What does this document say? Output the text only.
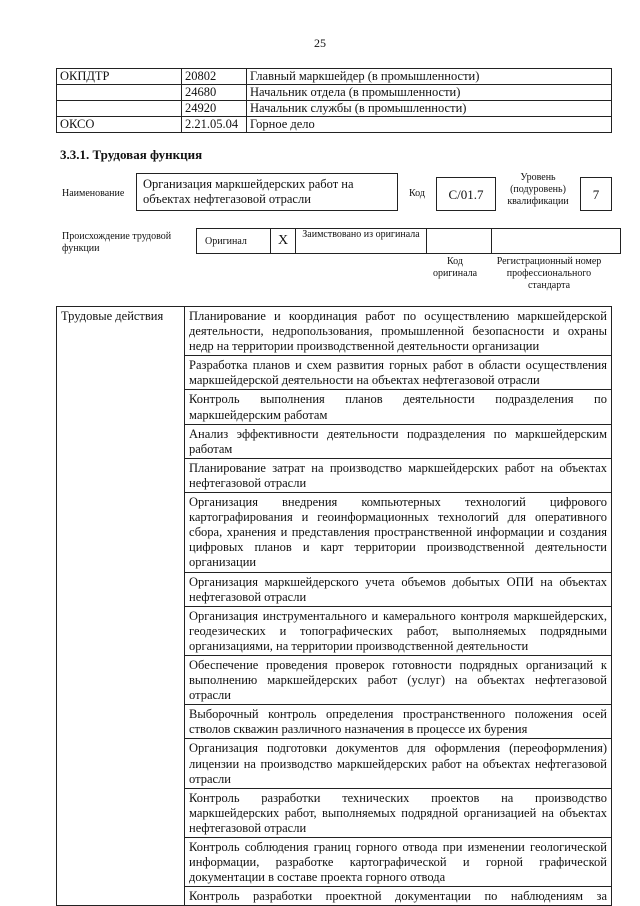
25
ОКПДТР	20802	Главный маркшейдер (в промышленности)
	24680	Начальник отдела (в промышленности)
	24920	Начальник службы (в промышленности)
ОКСО	2.21.05.04	Горное дело
3.3.1. Трудовая функция
Наименование
Организация маркшейдерских работ на объектах нефтегазовой отрасли	Код	C/01.7
Уровень (подуровень) квалификации	7
Происхождение трудовой функции
Оригинал	X	Заимствовано из оригинала		
Код оригинала
Регистрационный номер профессионального стандарта
Трудовые действия	Планирование и координация работ по осуществлению маркшейдерской деятельности, недропользования, промышленной безопасности и охраны недр на территории производственной деятельности организации
Разработка планов и схем развития горных работ в области осуществления маркшейдерской деятельности на объектах нефтегазовой отрасли
Контроль выполнения планов деятельности подразделения по маркшейдерским работам
Анализ эффективности деятельности подразделения по маркшейдерским работам
Планирование затрат на производство маркшейдерских работ на объектах нефтегазовой отрасли
Организация внедрения компьютерных технологий цифрового картографирования и геоинформационных технологий для оперативного сбора, хранения и представления пространственной информации и создания цифровых планов и карт территории производственной деятельности организации
Организация маркшейдерского учета объемов добытых ОПИ на объектах нефтегазовой отрасли
Организация инструментального и камерального контроля маркшейдерских, геодезических и топографических работ, выполняемых подрядными организациями, на территории производственной деятельности
Обеспечение проведения проверок готовности подрядных организаций к выполнению маркшейдерских работ (услуг) на объектах нефтегазовой отрасли
Выборочный контроль определения пространственного положения осей стволов скважин различного назначения в процессе их бурения
Организация подготовки документов для оформления (переоформления) лицензии на производство маркшейдерских работ на объектах нефтегазовой отрасли
Контроль разработки технических проектов на производство маркшейдерских работ, выполняемых подрядной организацией на объектах нефтегазовой отрасли
Контроль соблюдения границ горного отвода при изменении геологической информации, разработке картографической и горной графической документации в составе проекта горного отвода
Контроль разработки проектной документации по наблюдениям за
